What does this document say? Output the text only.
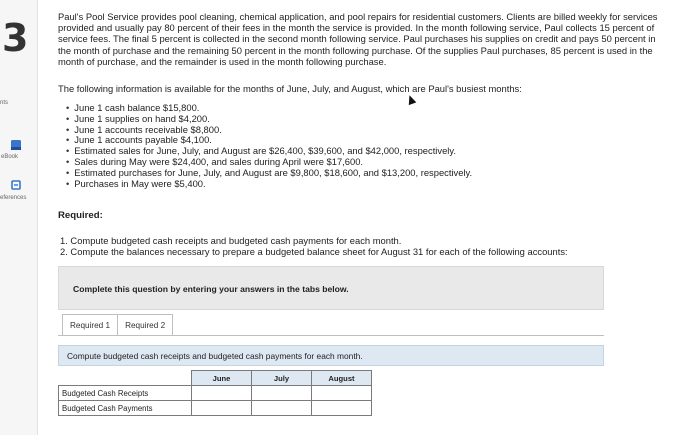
3
nts
eBook
eferences

Paul's Pool Service provides pool cleaning, chemical application, and pool repairs for residential customers. Clients are billed weekly for services provided and usually pay 80 percent of their fees in the month the service is provided. In the month following service, Paul collects 15 percent of service fees. The final 5 percent is collected in the second month following service. Paul purchases his supplies on credit and pays 50 percent in the month of purchase and the remaining 50 percent in the month following purchase. Of the supplies Paul purchases, 85 percent is used in the month of purchase, and the remainder is used in the month following purchase.

The following information is available for the months of June, July, and August, which are Paul's busiest months:

• June 1 cash balance $15,800.
• June 1 supplies on hand $4,200.
• June 1 accounts receivable $8,800.
• June 1 accounts payable $4,100.
• Estimated sales for June, July, and August are $26,400, $39,600, and $42,000, respectively.
• Sales during May were $24,400, and sales during April were $17,600.
• Estimated purchases for June, July, and August are $9,800, $18,600, and $13,200, respectively.
• Purchases in May were $5,400.
Required:
1. Compute budgeted cash receipts and budgeted cash payments for each month.
2. Compute the balances necessary to prepare a budgeted balance sheet for August 31 for each of the following accounts:
Complete this question by entering your answers in the tabs below.
Required 1	Required 2
Compute budgeted cash receipts and budgeted cash payments for each month.
	June	July	August
Budgeted Cash Receipts			
Budgeted Cash Payments			
